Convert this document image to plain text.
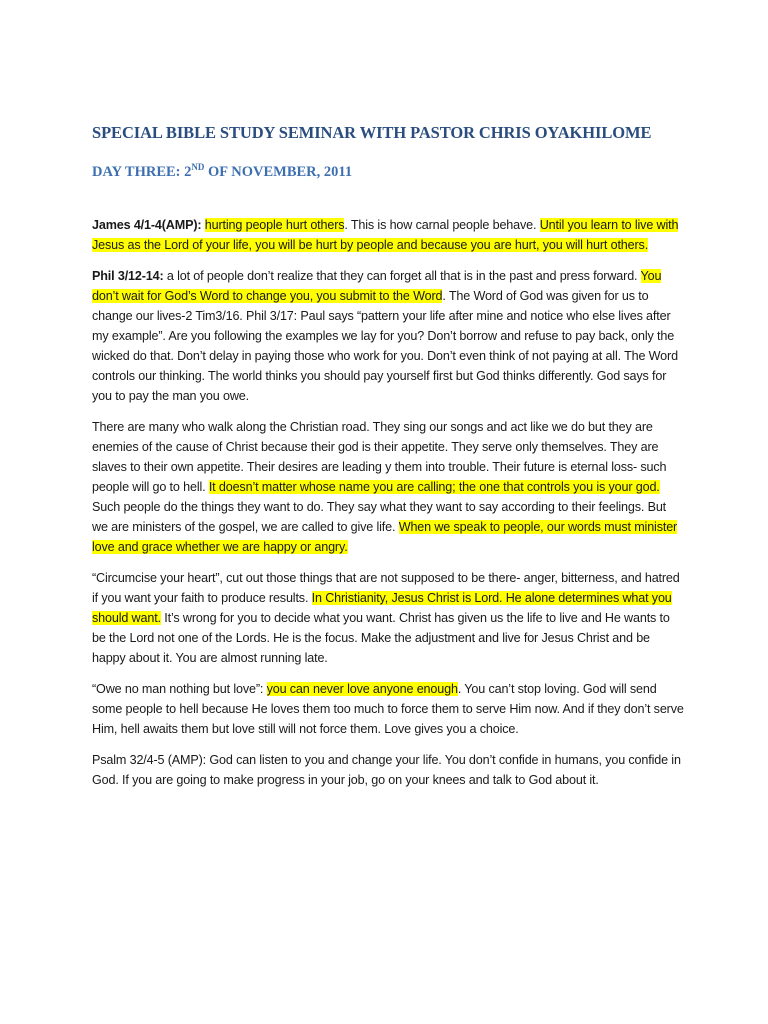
SPECIAL BIBLE STUDY SEMINAR WITH PASTOR CHRIS OYAKHILOME
DAY THREE: 2ND OF NOVEMBER, 2011

James 4/1-4(AMP): hurting people hurt others. This is how carnal people behave. Until you learn to live with Jesus as the Lord of your life, you will be hurt by people and because you are hurt, you will hurt others.

Phil 3/12-14: a lot of people don’t realize that they can forget all that is in the past and press forward. You don’t wait for God’s Word to change you, you submit to the Word. The Word of God was given for us to change our lives-2 Tim3/16. Phil 3/17: Paul says “pattern your life after mine and notice who else lives after my example”. Are you following the examples we lay for you? Don’t borrow and refuse to pay back, only the wicked do that. Don’t delay in paying those who work for you. Don’t even think of not paying at all. The Word controls our thinking. The world thinks you should pay yourself first but God thinks differently. God says for you to pay the man you owe.

There are many who walk along the Christian road. They sing our songs and act like we do but they are enemies of the cause of Christ because their god is their appetite. They serve only themselves. They are slaves to their own appetite. Their desires are leading y them into trouble. Their future is eternal loss- such people will go to hell. It doesn’t matter whose name you are calling; the one that controls you is your god. Such people do the things they want to do. They say what they want to say according to their feelings. But we are ministers of the gospel, we are called to give life. When we speak to people, our words must minister love and grace whether we are happy or angry.

“Circumcise your heart”, cut out those things that are not supposed to be there- anger, bitterness, and hatred if you want your faith to produce results. In Christianity, Jesus Christ is Lord. He alone determines what you should want. It’s wrong for you to decide what you want. Christ has given us the life to live and He wants to be the Lord not one of the Lords. He is the focus. Make the adjustment and live for Jesus Christ and be happy about it. You are almost running late.

“Owe no man nothing but love”: you can never love anyone enough. You can’t stop loving. God will send some people to hell because He loves them too much to force them to serve Him now. And if they don’t serve Him, hell awaits them but love still will not force them. Love gives you a choice.

Psalm 32/4-5 (AMP): God can listen to you and change your life. You don’t confide in humans, you confide in God. If you are going to make progress in your job, go on your knees and talk to God about it.
